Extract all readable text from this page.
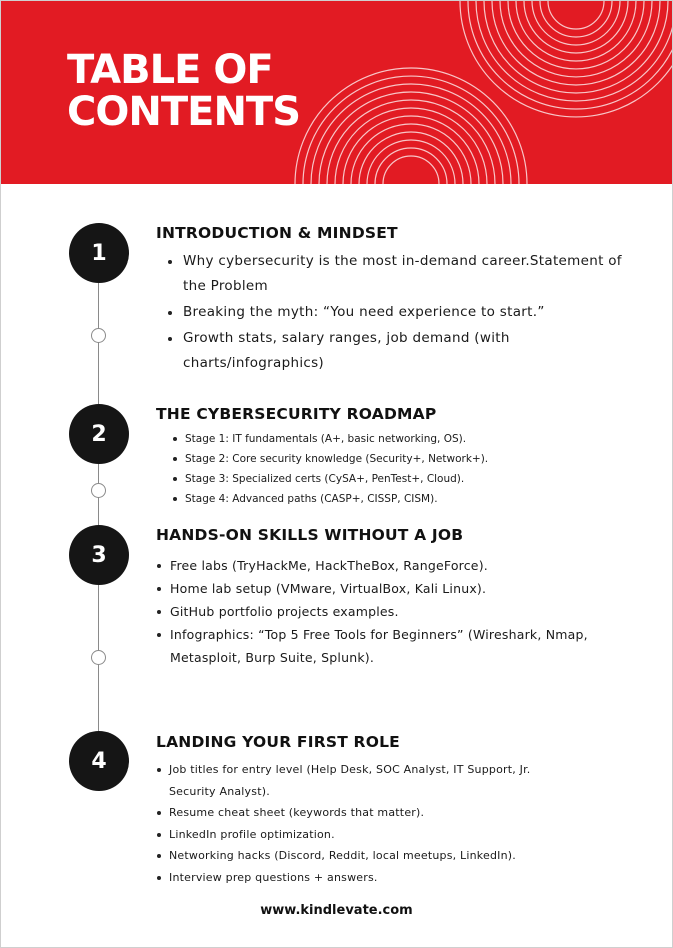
TABLE OF
CONTENTS
1
2
3
4
INTRODUCTION & MINDSET
Why cybersecurity is the most in-demand career.Statement of the Problem
Breaking the myth: “You need experience to start.”
Growth stats, salary ranges, job demand (with charts/infographics)
THE CYBERSECURITY ROADMAP
Stage 1: IT fundamentals (A+, basic networking, OS).
Stage 2: Core security knowledge (Security+, Network+).
Stage 3: Specialized certs (CySA+, PenTest+, Cloud).
Stage 4: Advanced paths (CASP+, CISSP, CISM).
HANDS-ON SKILLS WITHOUT A JOB
Free labs (TryHackMe, HackTheBox, RangeForce).
Home lab setup (VMware, VirtualBox, Kali Linux).
GitHub portfolio projects examples.
Infographics: “Top 5 Free Tools for Beginners” (Wireshark, Nmap, Metasploit, Burp Suite, Splunk).
LANDING YOUR FIRST ROLE
Job titles for entry level (Help Desk, SOC Analyst, IT Support, Jr. Security Analyst).
Resume cheat sheet (keywords that matter).
LinkedIn profile optimization.
Networking hacks (Discord, Reddit, local meetups, LinkedIn).
Interview prep questions + answers.
www.kindlevate.com
